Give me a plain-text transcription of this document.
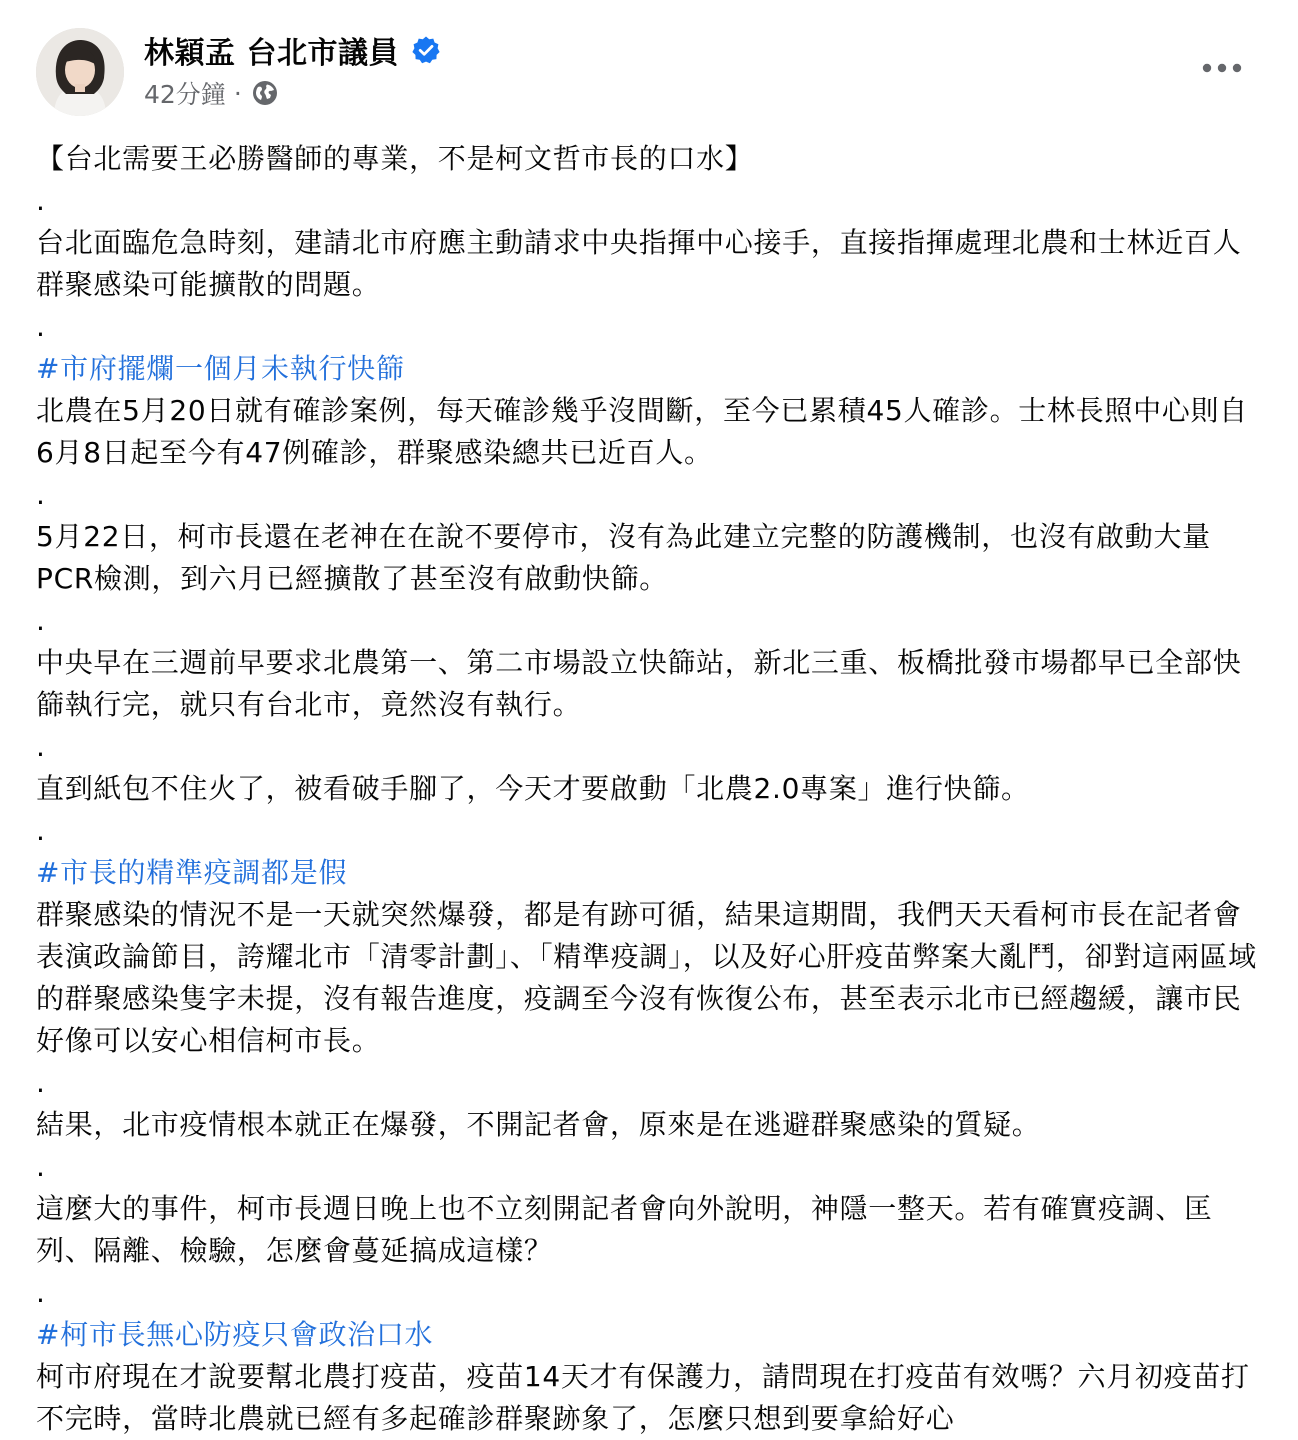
林穎孟 台北市議員
42分鐘 ·

【台北需要王必勝醫師的專業，不是柯文哲市長的口水】

.

台北面臨危急時刻，建請北市府應主動請求中央指揮中心接手，直接指揮處理北農和士林近百人群聚感染可能擴散的問題。

.

#市府擺爛一個月未執行快篩

北農在5月20日就有確診案例，每天確診幾乎沒間斷，至今已累積45人確診。士林長照中心則自6月8日起至今有47例確診，群聚感染總共已近百人。

.

5月22日，柯市長還在老神在在說不要停市，沒有為此建立完整的防護機制，也沒有啟動大量PCR檢測，到六月已經擴散了甚至沒有啟動快篩。

.

中央早在三週前早要求北農第一、第二市場設立快篩站，新北三重、板橋批發市場都早已全部快篩執行完，就只有台北市，竟然沒有執行。

.

直到紙包不住火了，被看破手腳了，今天才要啟動「北農2.0專案」進行快篩。

.

#市長的精準疫調都是假

群聚感染的情況不是一天就突然爆發，都是有跡可循，結果這期間，我們天天看柯市長在記者會表演政論節目，誇耀北市「清零計劃」、「精準疫調」，以及好心肝疫苗弊案大亂鬥，卻對這兩區域的群聚感染隻字未提，沒有報告進度，疫調至今沒有恢復公布，甚至表示北市已經趨緩，讓市民好像可以安心相信柯市長。

.

結果，北市疫情根本就正在爆發，不開記者會，原來是在逃避群聚感染的質疑。

.

這麼大的事件，柯市長週日晚上也不立刻開記者會向外說明，神隱一整天。若有確實疫調、匡列、隔離、檢驗，怎麼會蔓延搞成這樣？

.

#柯市長無心防疫只會政治口水

柯市府現在才說要幫北農打疫苗，疫苗14天才有保護力，請問現在打疫苗有效嗎？六月初疫苗打不完時，當時北農就已經有多起確診群聚跡象了，怎麼只想到要拿給好心
